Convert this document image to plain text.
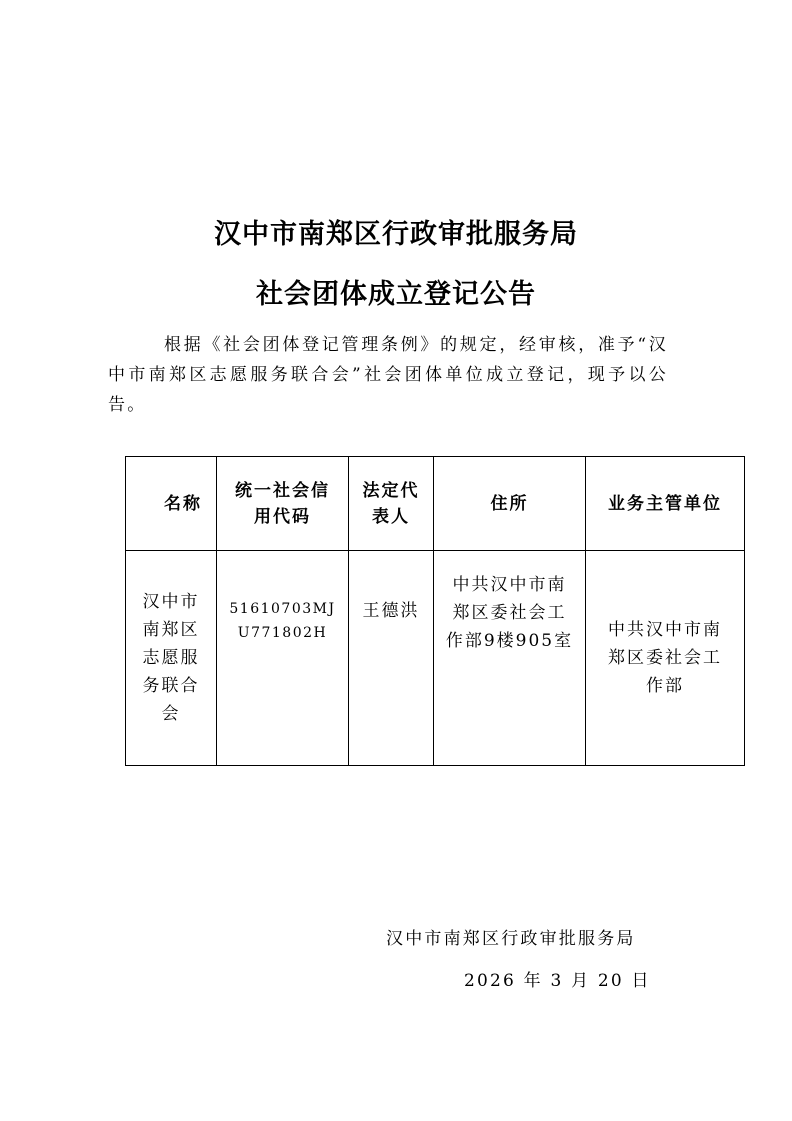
汉中市南郑区行政审批服务局
社会团体成立登记公告
根据《社会团体登记管理条例》的规定，经审核，准予“汉中市南郑区志愿服务联合会”社会团体单位成立登记，现予以公告。
名称	统一社会信用代码	法定代表人	住所	业务主管单位

汉中市南郑区志愿服务联合会	51610703MJU771802H	王德洪	中共汉中市南郑区委社会工作部9楼905室	中共汉中市南郑区委社会工作部
汉中市南郑区行政审批服务局
2026 年 3 月 20 日
